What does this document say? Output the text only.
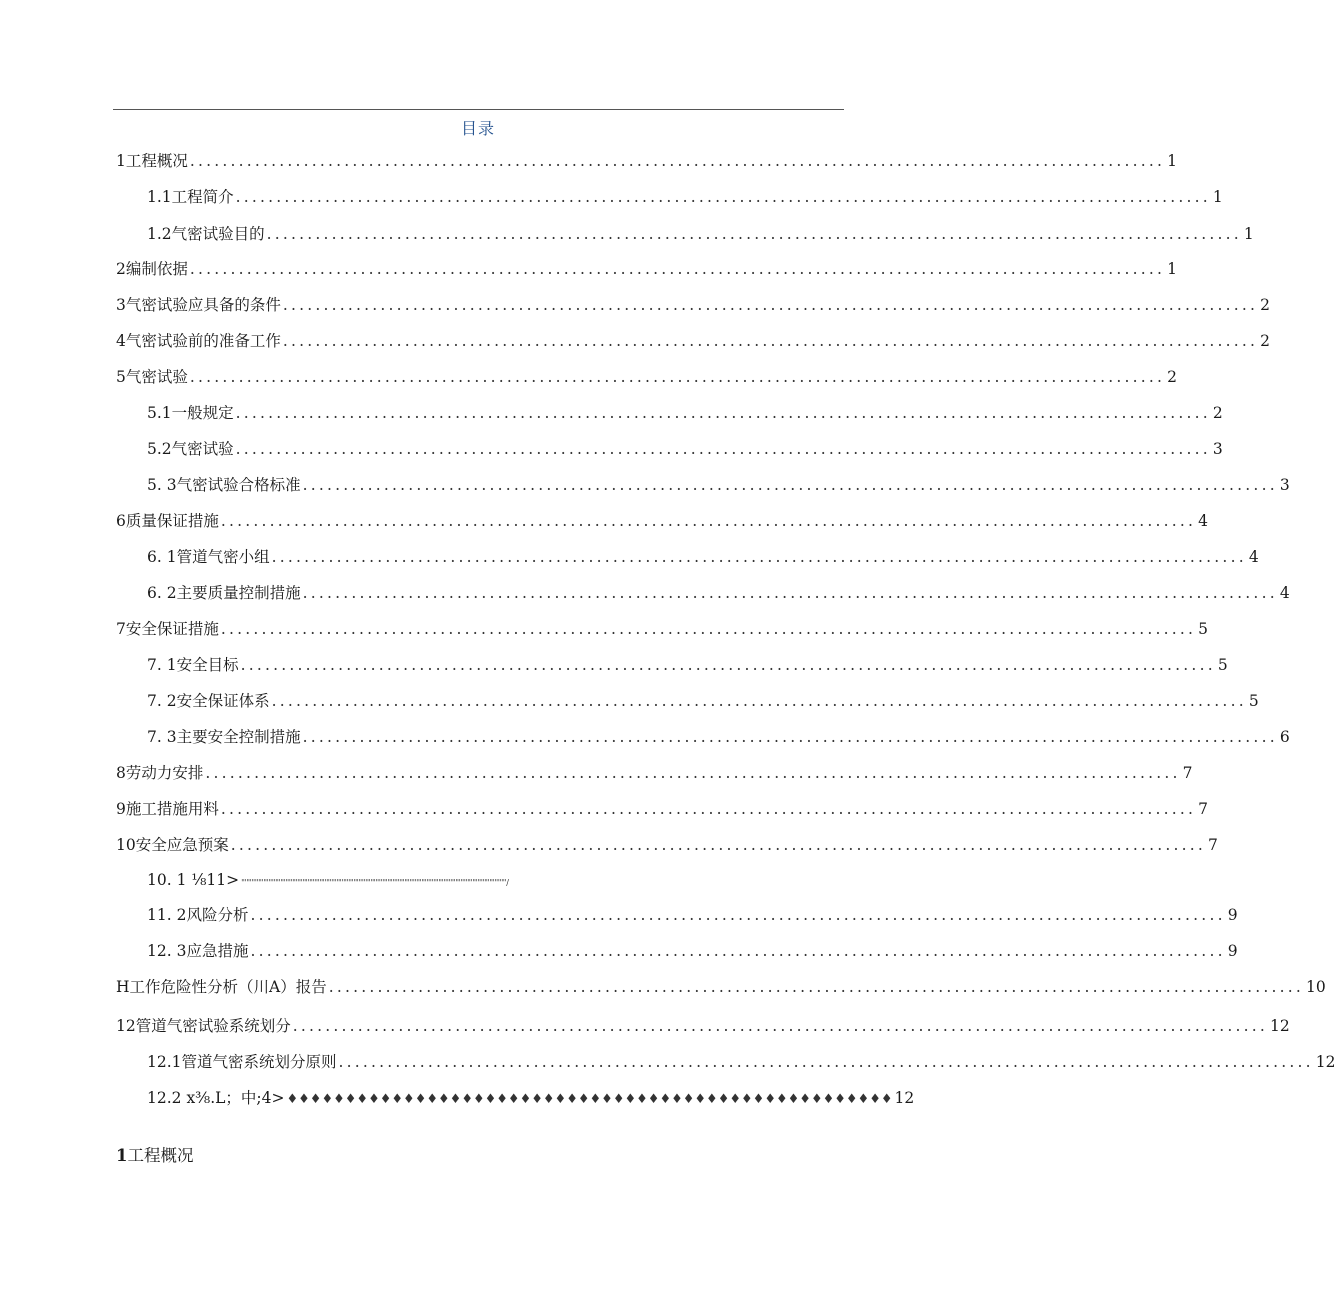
目录
1工程概况 ........................................................................................................................ 1
1.1工程简介 ........................................................................................................................ 1
1.2气密试验目的 ........................................................................................................................ 1
2编制依据 ........................................................................................................................ 1
3气密试验应具备的条件 ........................................................................................................................ 2
4气密试验前的准备工作 ........................................................................................................................ 2
5气密试验 ........................................................................................................................ 2
5.1一般规定 ........................................................................................................................ 2
5.2气密试验 ........................................................................................................................ 3
5. 3气密试验合格标准 ........................................................................................................................ 3
6质量保证措施 ........................................................................................................................ 4
6. 1管道气密小组 ........................................................................................................................ 4
6. 2主要质量控制措施 ........................................................................................................................ 4
7安全保证措施 ........................................................................................................................ 5
7. 1安全目标 ........................................................................................................................ 5
7. 2安全保证体系 ........................................................................................................................ 5
7. 3主要安全控制措施 ........................................................................................................................ 6
8劳动力安排 ........................................................................................................................ 7
9施工措施用料 ........................................................................................................................ 7
10安全应急预案 ........................................................................................................................ 7
10. 1 ⅛11> ''''''''''''''''''''''''''''''''''''''''''''''''''''''''''''''''''''''''''''''''''''''''''''''''''''''''''''''''''''''''''''''''''''''''''''''''''''''''''''/
11. 2风险分析 ........................................................................................................................ 9
12. 3应急措施 ........................................................................................................................ 9
H工作危险性分析（川A）报告 ........................................................................................................................ 10
12管道气密试验系统划分 ........................................................................................................................ 12
12.1管道气密系统划分原则 ........................................................................................................................ 12
12.2 x⅜.L；中;4> ♦♦♦♦♦♦♦♦♦♦♦♦♦♦♦♦♦♦♦♦♦♦♦♦♦♦♦♦♦♦♦♦♦♦♦♦♦♦♦♦♦♦♦♦♦♦♦♦♦♦♦♦ 12
1工程概况
